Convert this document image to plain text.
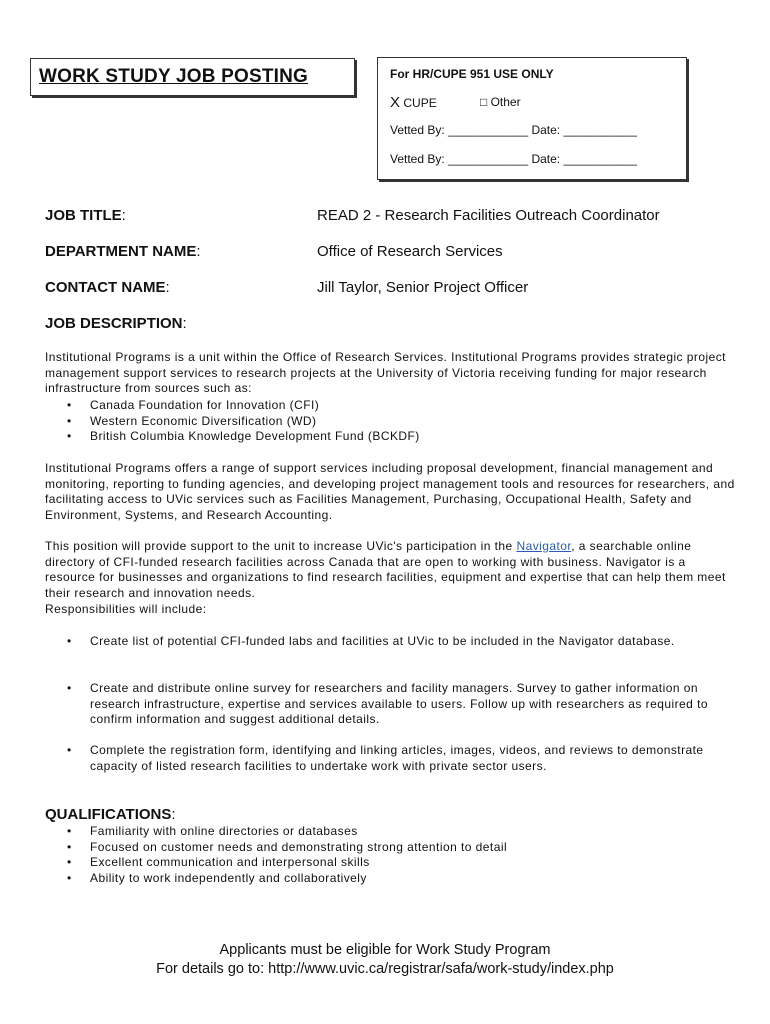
WORK STUDY JOB POSTING	For HR/CUPE 951 USE ONLY
X CUPE	□ Other
Vetted By: ____________ Date: ___________
Vetted By: ____________ Date: ___________
JOB TITLE:	READ 2 - Research Facilities Outreach Coordinator
DEPARTMENT NAME:	Office of Research Services
CONTACT NAME:	Jill Taylor, Senior Project Officer
JOB DESCRIPTION:

Institutional Programs is a unit within the Office of Research Services. Institutional Programs provides strategic project management support services to research projects at the University of Victoria receiving funding for major research infrastructure from sources such as:

• Canada Foundation for Innovation (CFI)
• Western Economic Diversification (WD)
• British Columbia Knowledge Development Fund (BCKDF)

Institutional Programs offers a range of support services including proposal development, financial management and monitoring, reporting to funding agencies, and developing project management tools and resources for researchers, and facilitating access to UVic services such as Facilities Management, Purchasing, Occupational Health, Safety and Environment, Systems, and Research Accounting.

This position will provide support to the unit to increase UVic's participation in the Navigator, a searchable online directory of CFI-funded research facilities across Canada that are open to working with business. Navigator is a resource for businesses and organizations to find research facilities, equipment and expertise that can help them meet their research and innovation needs.

Responsibilities will include:

• Create list of potential CFI-funded labs and facilities at UVic to be included in the Navigator database.
• Create and distribute online survey for researchers and facility managers. Survey to gather information on research infrastructure, expertise and services available to users. Follow up with researchers as required to confirm information and suggest additional details.
• Complete the registration form, identifying and linking articles, images, videos, and reviews to demonstrate capacity of listed research facilities to undertake work with private sector users.
QUALIFICATIONS:
• Familiarity with online directories or databases
• Focused on customer needs and demonstrating strong attention to detail
• Excellent communication and interpersonal skills
• Ability to work independently and collaboratively
Applicants must be eligible for Work Study Program
For details go to: http://www.uvic.ca/registrar/safa/work-study/index.php
